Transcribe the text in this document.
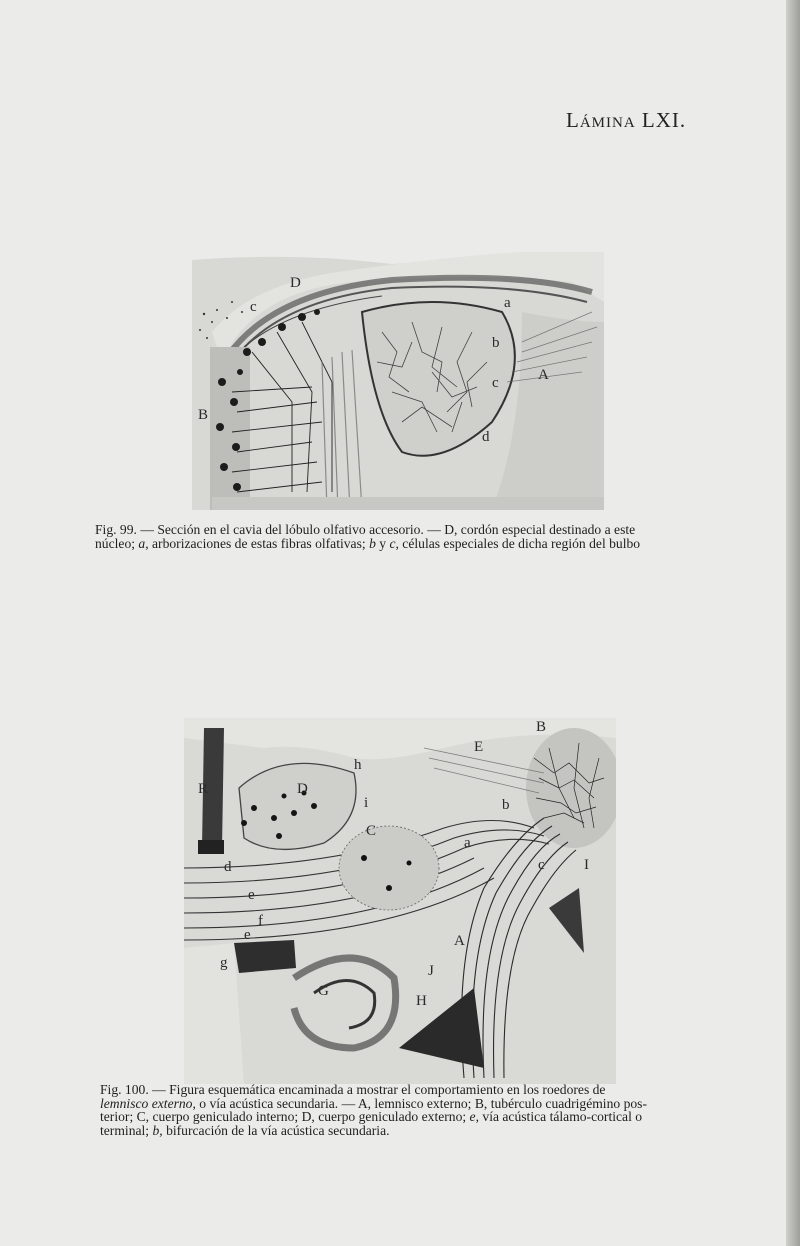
Lámina LXI.
D
c	a
b
c	A
d
B
Fig. 99. — Sección en el cavia del lóbulo olfativo accesorio. — D, cordón especial destinado a este
núcleo; a, arborizaciones de estas fibras olfativas; b y c, células especiales de dicha región del bulbo
B
E
R	D
h
i
C
b
a
c	I
d
e
f
e	A
g
G
J
H
Fig. 100. — Figura esquemática encaminada a mostrar el comportamiento en los roedores de
lemnisco externo, o vía acústica secundaria. — A, lemnisco externo; B, tubérculo cuadrigémino pos-
terior; C, cuerpo geniculado interno; D, cuerpo geniculado externo; e, vía acústica tálamo-cortical o
terminal; b, bifurcación de la vía acústica secundaria.
